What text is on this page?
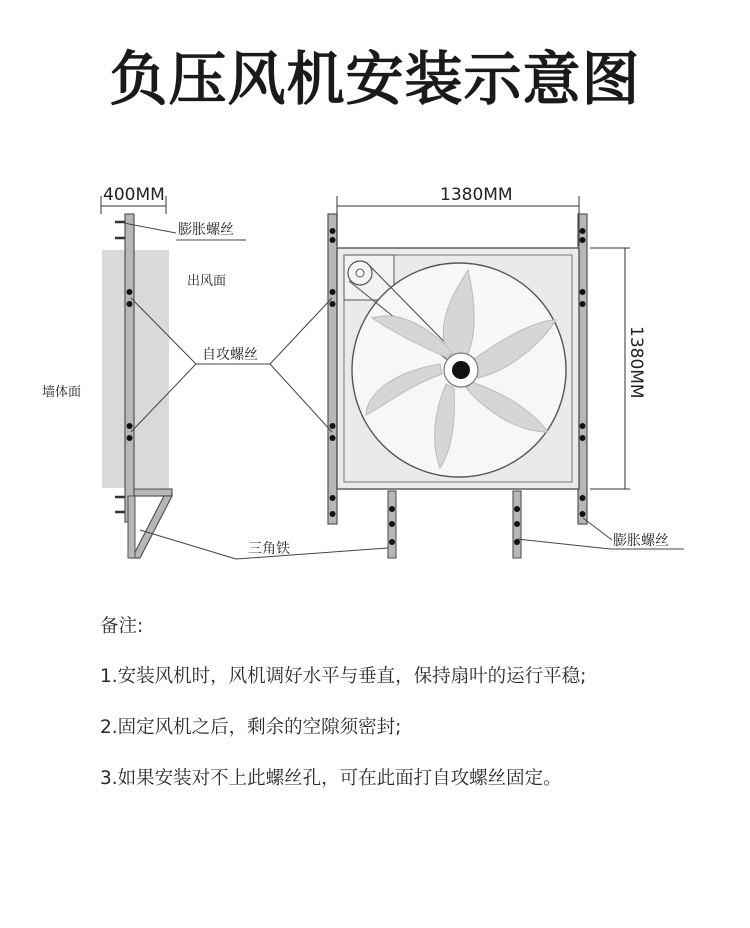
负压风机安装示意图
400MM	1380MM
1380MM
膨胀螺丝
出风面
自攻螺丝
墙体面
三角铁	膨胀螺丝
备注:
1.安装风机时，风机调好水平与垂直，保持扇叶的运行平稳;
2.固定风机之后，剩余的空隙须密封;
3.如果安装对不上此螺丝孔，可在此面打自攻螺丝固定。
